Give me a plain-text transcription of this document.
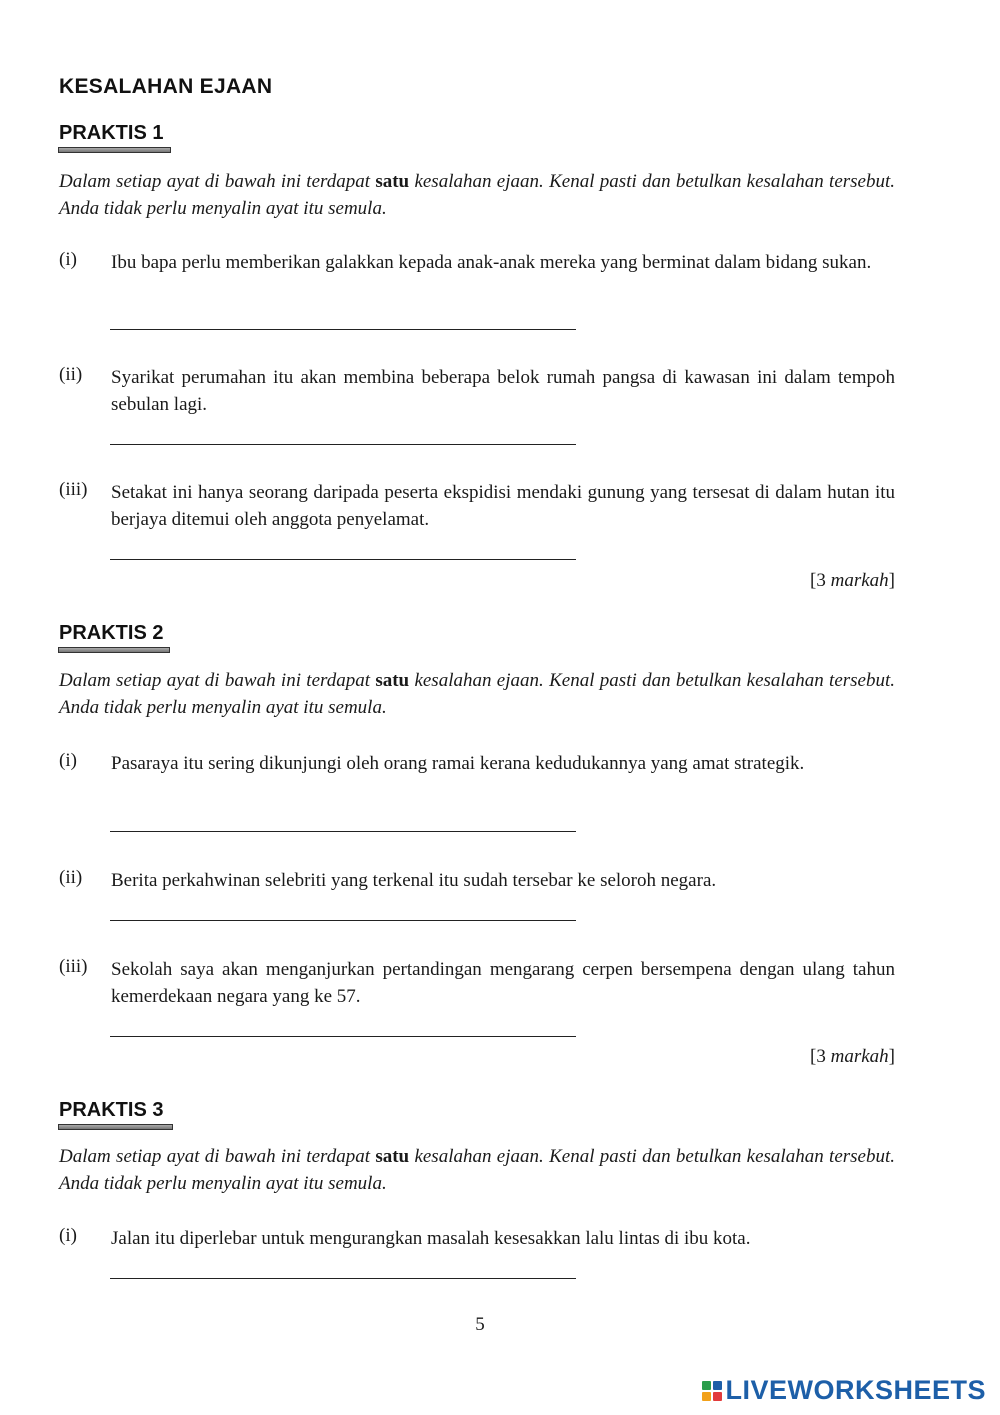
KESALAHAN EJAAN
PRAKTIS 1
Dalam setiap ayat di bawah ini terdapat satu kesalahan ejaan. Kenal pasti dan betulkan kesalahan tersebut. Anda tidak perlu menyalin ayat itu semula.
(i) Ibu bapa perlu memberikan galakkan kepada anak-anak mereka yang berminat dalam bidang sukan.
(ii) Syarikat perumahan itu akan membina beberapa belok rumah pangsa di kawasan ini dalam tempoh sebulan lagi.
(iii) Setakat ini hanya seorang daripada peserta ekspidisi mendaki gunung yang tersesat di dalam hutan itu berjaya ditemui oleh anggota penyelamat.
[3 markah]
PRAKTIS 2
Dalam setiap ayat di bawah ini terdapat satu kesalahan ejaan. Kenal pasti dan betulkan kesalahan tersebut. Anda tidak perlu menyalin ayat itu semula.
(i) Pasaraya itu sering dikunjungi oleh orang ramai kerana kedudukannya yang amat strategik.
(ii) Berita perkahwinan selebriti yang terkenal itu sudah tersebar ke seloroh negara.
(iii) Sekolah saya akan menganjurkan pertandingan mengarang cerpen bersempena dengan ulang tahun kemerdekaan negara yang ke 57.
[3 markah]
PRAKTIS 3
Dalam setiap ayat di bawah ini terdapat satu kesalahan ejaan. Kenal pasti dan betulkan kesalahan tersebut. Anda tidak perlu menyalin ayat itu semula.
(i) Jalan itu diperlebar untuk mengurangkan masalah kesesakkan lalu lintas di ibu kota.
5
LIVEWORKSHEETS
